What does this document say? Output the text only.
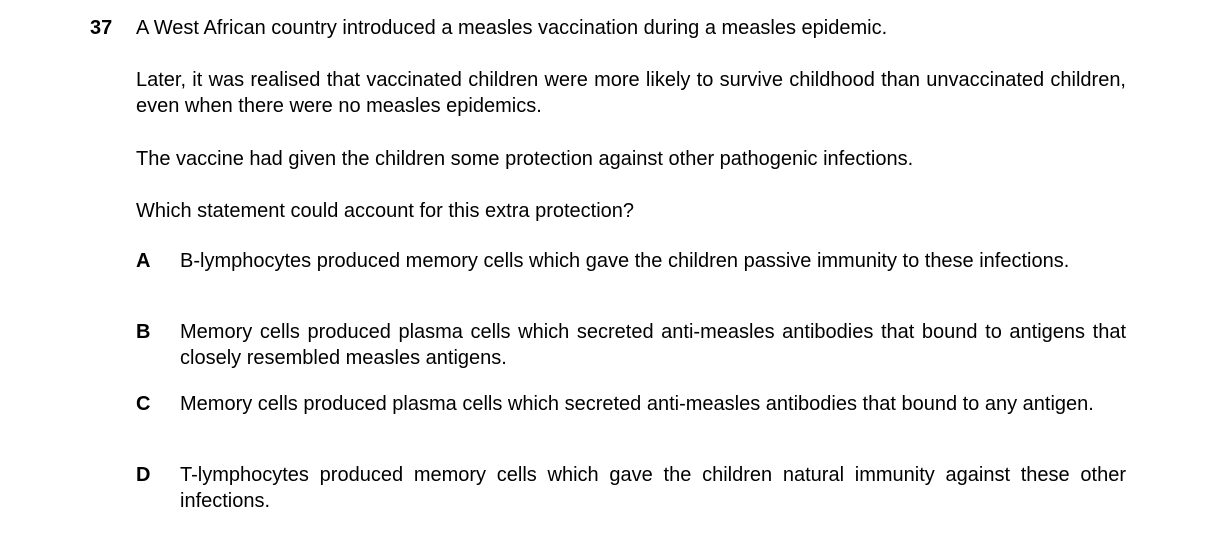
37 A West African country introduced a measles vaccination during a measles epidemic.

Later, it was realised that vaccinated children were more likely to survive childhood than unvaccinated children, even when there were no measles epidemics.

The vaccine had given the children some protection against other pathogenic infections.

Which statement could account for this extra protection?

A B-lymphocytes produced memory cells which gave the children passive immunity to these infections.

B Memory cells produced plasma cells which secreted anti-measles antibodies that bound to antigens that closely resembled measles antigens.

C Memory cells produced plasma cells which secreted anti-measles antibodies that bound to any antigen.

D T-lymphocytes produced memory cells which gave the children natural immunity against these other infections.
